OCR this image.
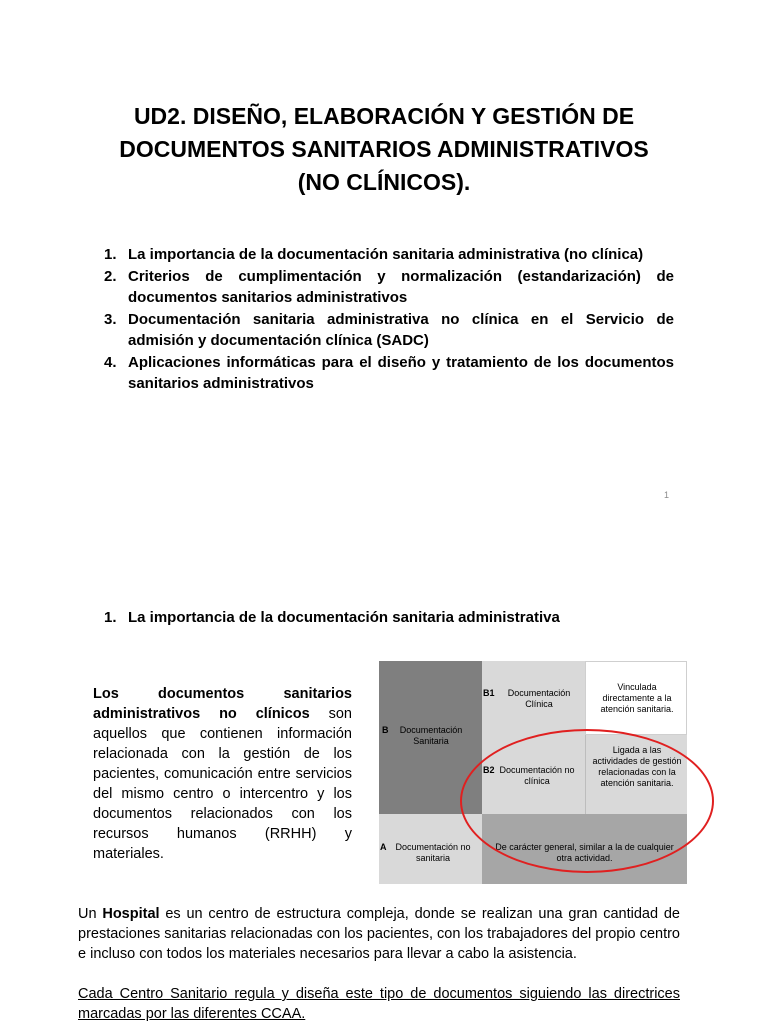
UD2. DISEÑO, ELABORACIÓN Y GESTIÓN DE
DOCUMENTOS SANITARIOS ADMINISTRATIVOS
(NO CLÍNICOS).
1. La importancia de la documentación sanitaria administrativa (no clínica)
2. Criterios de cumplimentación y normalización (estandarización) de documentos sanitarios administrativos
3. Documentación sanitaria administrativa no clínica en el Servicio de admisión y documentación clínica (SADC)
4. Aplicaciones informáticas para el diseño y tratamiento de los documentos sanitarios administrativos
1
1. La importancia de la documentación sanitaria administrativa
Los documentos sanitarios administrativos no clínicos son aquellos que contienen información relacionada con la gestión de los pacientes, comunicación entre servicios del mismo centro o intercentro y los documentos relacionados con los recursos humanos (RRHH) y materiales.
B	Documentación Sanitaria
B1	Documentación Clínica
Vinculada directamente a la atención sanitaria.
B2 Documentación no clínica
Ligada a las actividades de gestión relacionadas con la atención sanitaria.
A Documentación no sanitaria
De carácter general, similar a la de cualquier otra actividad.
Un Hospital es un centro de estructura compleja, donde se realizan una gran cantidad de prestaciones sanitarias relacionadas con los pacientes, con los trabajadores del propio centro e incluso con todos los materiales necesarios para llevar a cabo la asistencia.
Cada Centro Sanitario regula y diseña este tipo de documentos siguiendo las directrices marcadas por las diferentes CCAA.
